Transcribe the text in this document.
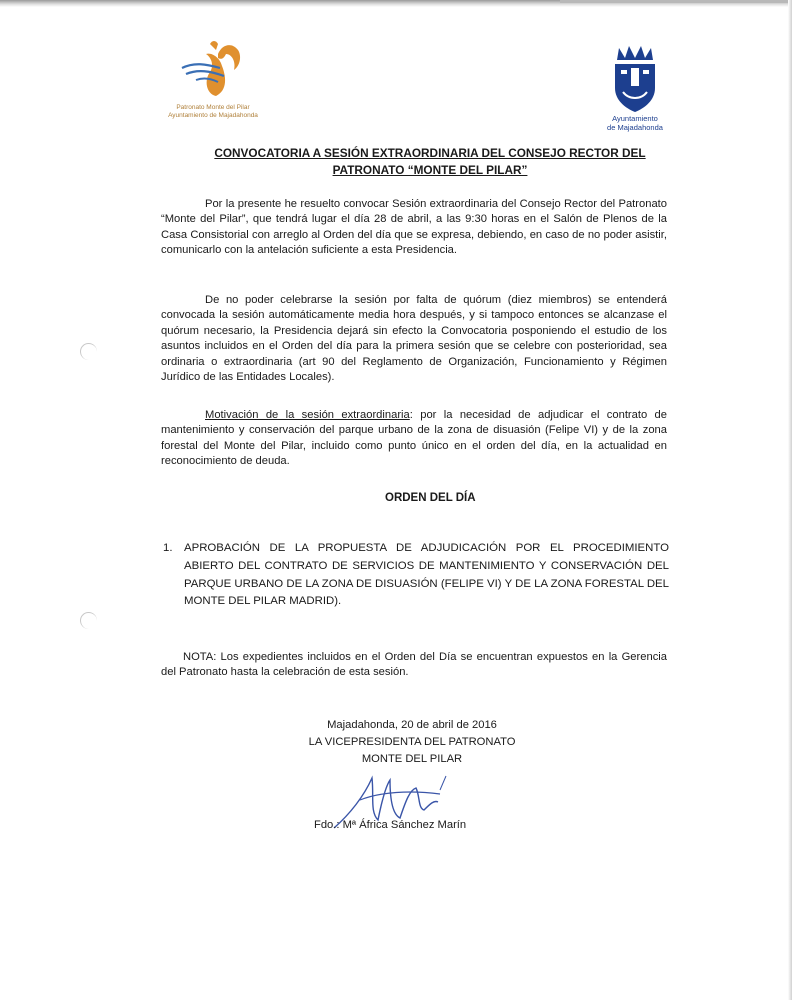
Patronato Monte del Pilar
Ayuntamiento de Majadahonda	Ayuntamiento
de Majadahonda
CONVOCATORIA A SESIÓN EXTRAORDINARIA DEL CONSEJO RECTOR DEL
PATRONATO “MONTE DEL PILAR”

Por la presente he resuelto convocar Sesión extraordinaria del Consejo Rector del Patronato “Monte del Pilar”, que tendrá lugar el día 28 de abril, a las 9:30 horas en el Salón de Plenos de la Casa Consistorial con arreglo al Orden del día que se expresa, debiendo, en caso de no poder asistir, comunicarlo con la antelación suficiente a esta Presidencia.

De no poder celebrarse la sesión por falta de quórum (diez miembros) se entenderá convocada la sesión automáticamente media hora después, y si tampoco entonces se alcanzase el quórum necesario, la Presidencia dejará sin efecto la Convocatoria posponiendo el estudio de los asuntos incluidos en el Orden del día para la primera sesión que se celebre con posterioridad, sea ordinaria o extraordinaria (art 90 del Reglamento de Organización, Funcionamiento y Régimen Jurídico de las Entidades Locales).

Motivación de la sesión extraordinaria: por la necesidad de adjudicar el contrato de mantenimiento y conservación del parque urbano de la zona de disuasión (Felipe VI) y de la zona forestal del Monte del Pilar, incluido como punto único en el orden del día, en la actualidad en reconocimiento de deuda.

ORDEN DEL DÍA
1. APROBACIÓN DE LA PROPUESTA DE ADJUDICACIÓN POR EL PROCEDIMIENTO ABIERTO DEL CONTRATO DE SERVICIOS DE MANTENIMIENTO Y CONSERVACIÓN DEL PARQUE URBANO DE LA ZONA DE DISUASIÓN (FELIPE VI) Y DE LA ZONA FORESTAL DEL MONTE DEL PILAR MADRID).

NOTA: Los expedientes incluidos en el Orden del Día se encuentran expuestos en la Gerencia del Patronato hasta la celebración de esta sesión.

Majadahonda, 20 de abril de 2016
LA VICEPRESIDENTA DEL PATRONATO
MONTE DEL PILAR
Fdo.: Mª África Sánchez Marín
